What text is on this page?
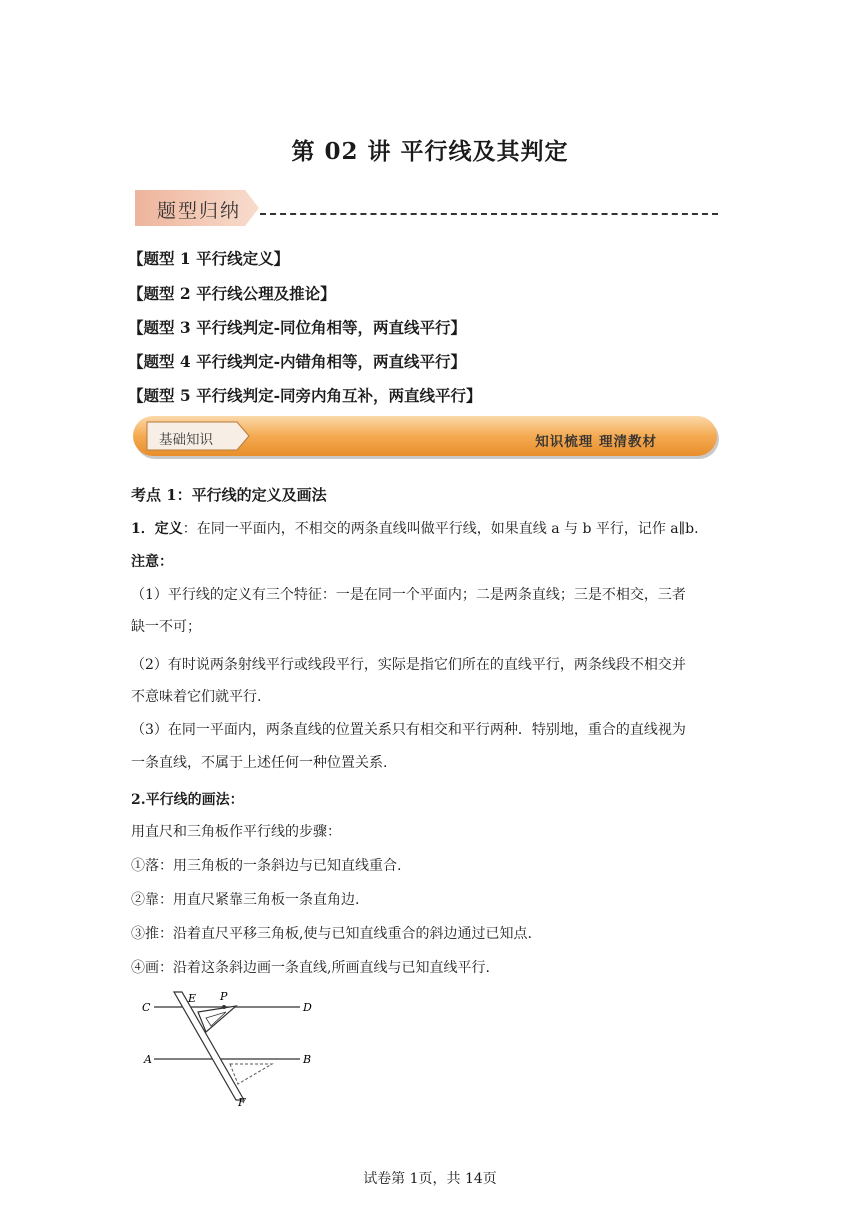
第 02 讲 平行线及其判定
题型归纳
【题型 1 平行线定义】
【题型 2 平行线公理及推论】
【题型 3 平行线判定-同位角相等，两直线平行】
【题型 4 平行线判定-内错角相等，两直线平行】
【题型 5 平行线判定-同旁内角互补，两直线平行】
基础知识	知识梳理 理清教材
考点 1：平行线的定义及画法
1．定义：在同一平面内，不相交的两条直线叫做平行线，如果直线 a 与 b 平行，记作 a∥b.
注意：
（1）平行线的定义有三个特征：一是在同一个平面内；二是两条直线；三是不相交，三者
缺一不可；
（2）有时说两条射线平行或线段平行，实际是指它们所在的直线平行，两条线段不相交并
不意味着它们就平行.
（3）在同一平面内，两条直线的位置关系只有相交和平行两种．特别地，重合的直线视为
一条直线，不属于上述任何一种位置关系.
2.平行线的画法：
用直尺和三角板作平行线的步骤：
①落：用三角板的一条斜边与已知直线重合.
②靠：用直尺紧靠三角板一条直角边.
③推：沿着直尺平移三角板,使与已知直线重合的斜边通过已知点.
④画：沿着这条斜边画一条直线,所画直线与已知直线平行.
C
E P
D
A	B
F
试卷第 1页，共 14页
